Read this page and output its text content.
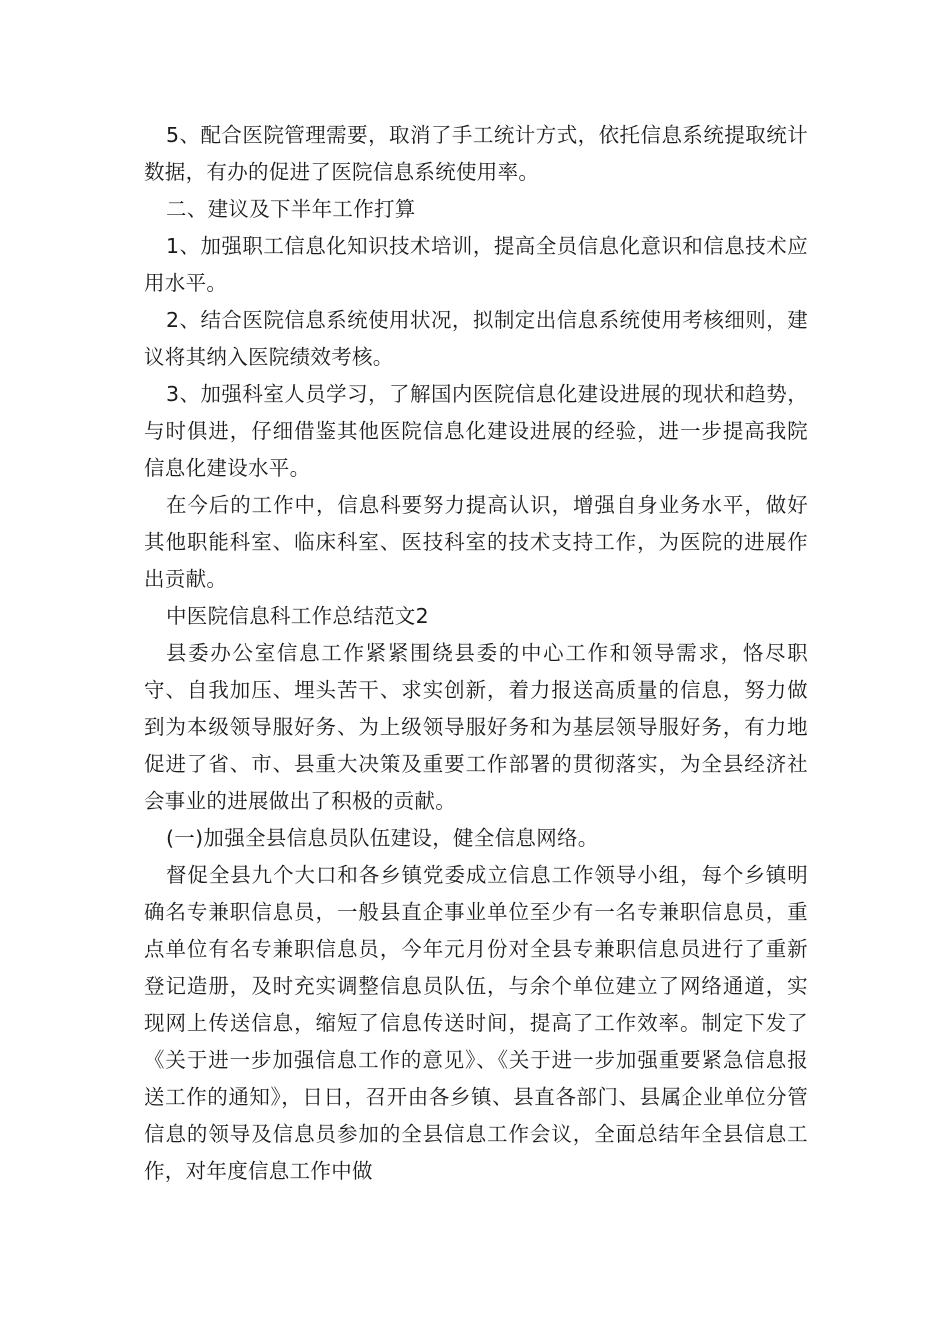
5、配合医院管理需要，取消了手工统计方式，依托信息系统提取统计数据，有办的促进了医院信息系统使用率。

二、建议及下半年工作打算

1、加强职工信息化知识技术培训，提高全员信息化意识和信息技术应用水平。

2、结合医院信息系统使用状况，拟制定出信息系统使用考核细则，建议将其纳入医院绩效考核。

3、加强科室人员学习，了解国内医院信息化建设进展的现状和趋势，与时俱进，仔细借鉴其他医院信息化建设进展的经验，进一步提高我院信息化建设水平。

在今后的工作中，信息科要努力提高认识，增强自身业务水平，做好其他职能科室、临床科室、医技科室的技术支持工作，为医院的进展作出贡献。

中医院信息科工作总结范文2

县委办公室信息工作紧紧围绕县委的中心工作和领导需求，恪尽职守、自我加压、埋头苦干、求实创新，着力报送高质量的信息，努力做到为本级领导服好务、为上级领导服好务和为基层领导服好务，有力地促进了省、市、县重大决策及重要工作部署的贯彻落实，为全县经济社会事业的进展做出了积极的贡献。

(一)加强全县信息员队伍建设，健全信息网络。

督促全县九个大口和各乡镇党委成立信息工作领导小组，每个乡镇明确名专兼职信息员，一般县直企事业单位至少有一名专兼职信息员，重点单位有名专兼职信息员，今年元月份对全县专兼职信息员进行了重新登记造册，及时充实调整信息员队伍，与余个单位建立了网络通道，实现网上传送信息，缩短了信息传送时间，提高了工作效率。制定下发了《关于进一步加强信息工作的意见》、《关于进一步加强重要紧急信息报送工作的通知》，日日，召开由各乡镇、县直各部门、县属企业单位分管信息的领导及信息员参加的全县信息工作会议，全面总结年全县信息工作，对年度信息工作中做
